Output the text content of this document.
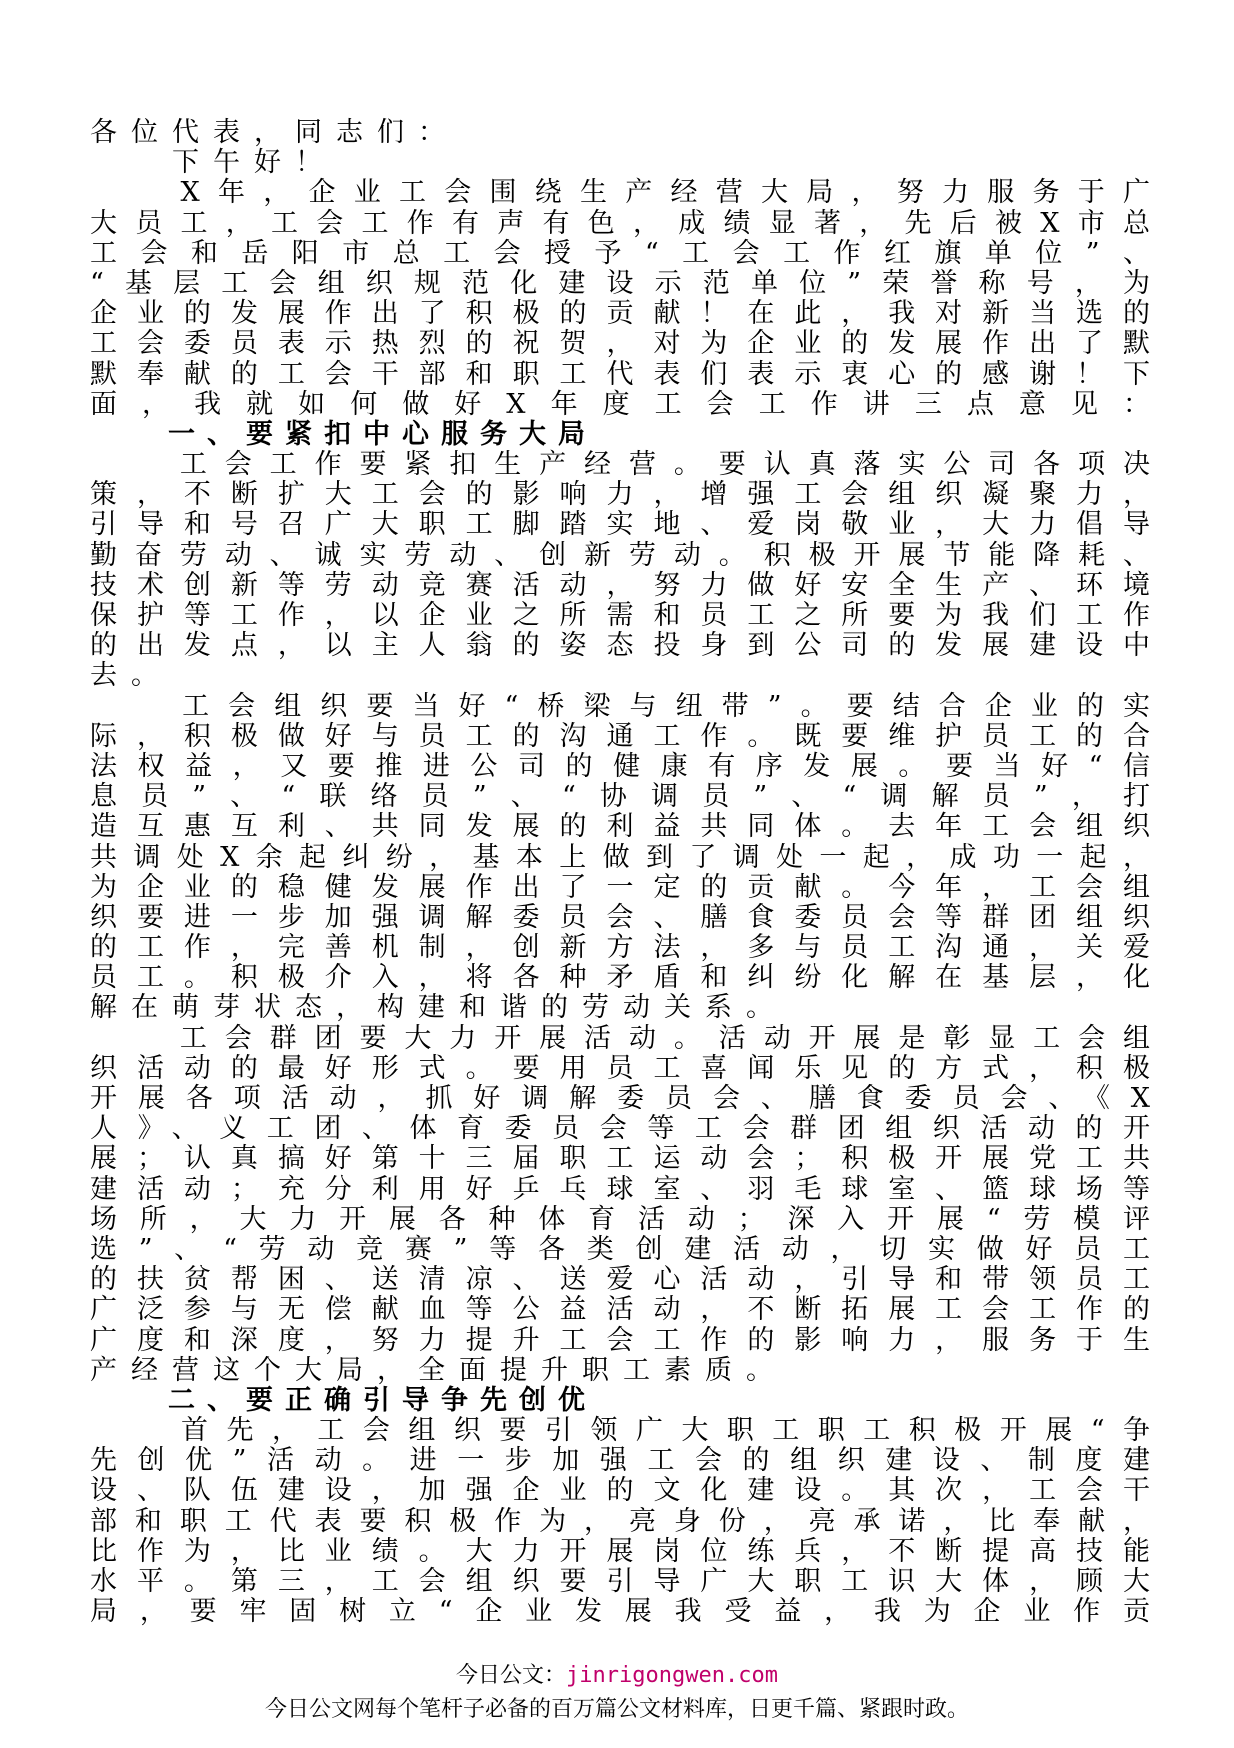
各位代表，同志们：
　　下午好！
　　X年，企业工会围绕生产经营大局，努力服务于广
大员工，工会工作有声有色，成绩显著，先后被X市总
工会和岳阳市总工会授予“工会工作红旗单位”、
“基层工会组织规范化建设示范单位”荣誉称号，为
企业的发展作出了积极的贡献！在此，我对新当选的
工会委员表示热烈的祝贺，对为企业的发展作出了默
默奉献的工会干部和职工代表们表示衷心的感谢！下
面，我就如何做好X年度工会工作讲三点意见：
　　一、要紧扣中心服务大局
　　工会工作要紧扣生产经营。要认真落实公司各项决
策，不断扩大工会的影响力，增强工会组织凝聚力，
引导和号召广大职工脚踏实地、爱岗敬业，大力倡导
勤奋劳动、诚实劳动、创新劳动。积极开展节能降耗、
技术创新等劳动竞赛活动，努力做好安全生产、环境
保护等工作，以企业之所需和员工之所要为我们工作
的出发点，以主人翁的姿态投身到公司的发展建设中
去。
　　工会组织要当好“桥梁与纽带”。要结合企业的实
际，积极做好与员工的沟通工作。既要维护员工的合
法权益，又要推进公司的健康有序发展。要当好“信
息员”、“联络员”、“协调员”、“调解员”，打
造互惠互利、共同发展的利益共同体。去年工会组织
共调处X余起纠纷，基本上做到了调处一起，成功一起，
为企业的稳健发展作出了一定的贡献。今年，工会组
织要进一步加强调解委员会、膳食委员会等群团组织
的工作，完善机制，创新方法，多与员工沟通，关爱
员工。积极介入，将各种矛盾和纠纷化解在基层，化
解在萌芽状态，构建和谐的劳动关系。
　　工会群团要大力开展活动。活动开展是彰显工会组
织活动的最好形式。要用员工喜闻乐见的方式，积极
开展各项活动，抓好调解委员会、膳食委员会、《X
人》、义工团、体育委员会等工会群团组织活动的开
展；认真搞好第十三届职工运动会；积极开展党工共
建活动；充分利用好乒乓球室、羽毛球室、篮球场等
场所，大力开展各种体育活动；深入开展“劳模评
选”、“劳动竞赛”等各类创建活动，切实做好员工
的扶贫帮困、送清凉、送爱心活动，引导和带领员工
广泛参与无偿献血等公益活动，不断拓展工会工作的
广度和深度，努力提升工会工作的影响力，服务于生
产经营这个大局，全面提升职工素质。
　　二、要正确引导争先创优
　　首先，工会组织要引领广大职工职工积极开展“争
先创优”活动。进一步加强工会的组织建设、制度建
设、队伍建设，加强企业的文化建设。其次，工会干
部和职工代表要积极作为，亮身份，亮承诺，比奉献，
比作为，比业绩。大力开展岗位练兵，不断提高技能
水平。第三，工会组织要引导广大职工识大体，顾大
局，要牢固树立“企业发展我受益，我为企业作贡
今日公文：jinrigongwen.com
今日公文网每个笔杆子必备的百万篇公文材料库，日更千篇、紧跟时政。
